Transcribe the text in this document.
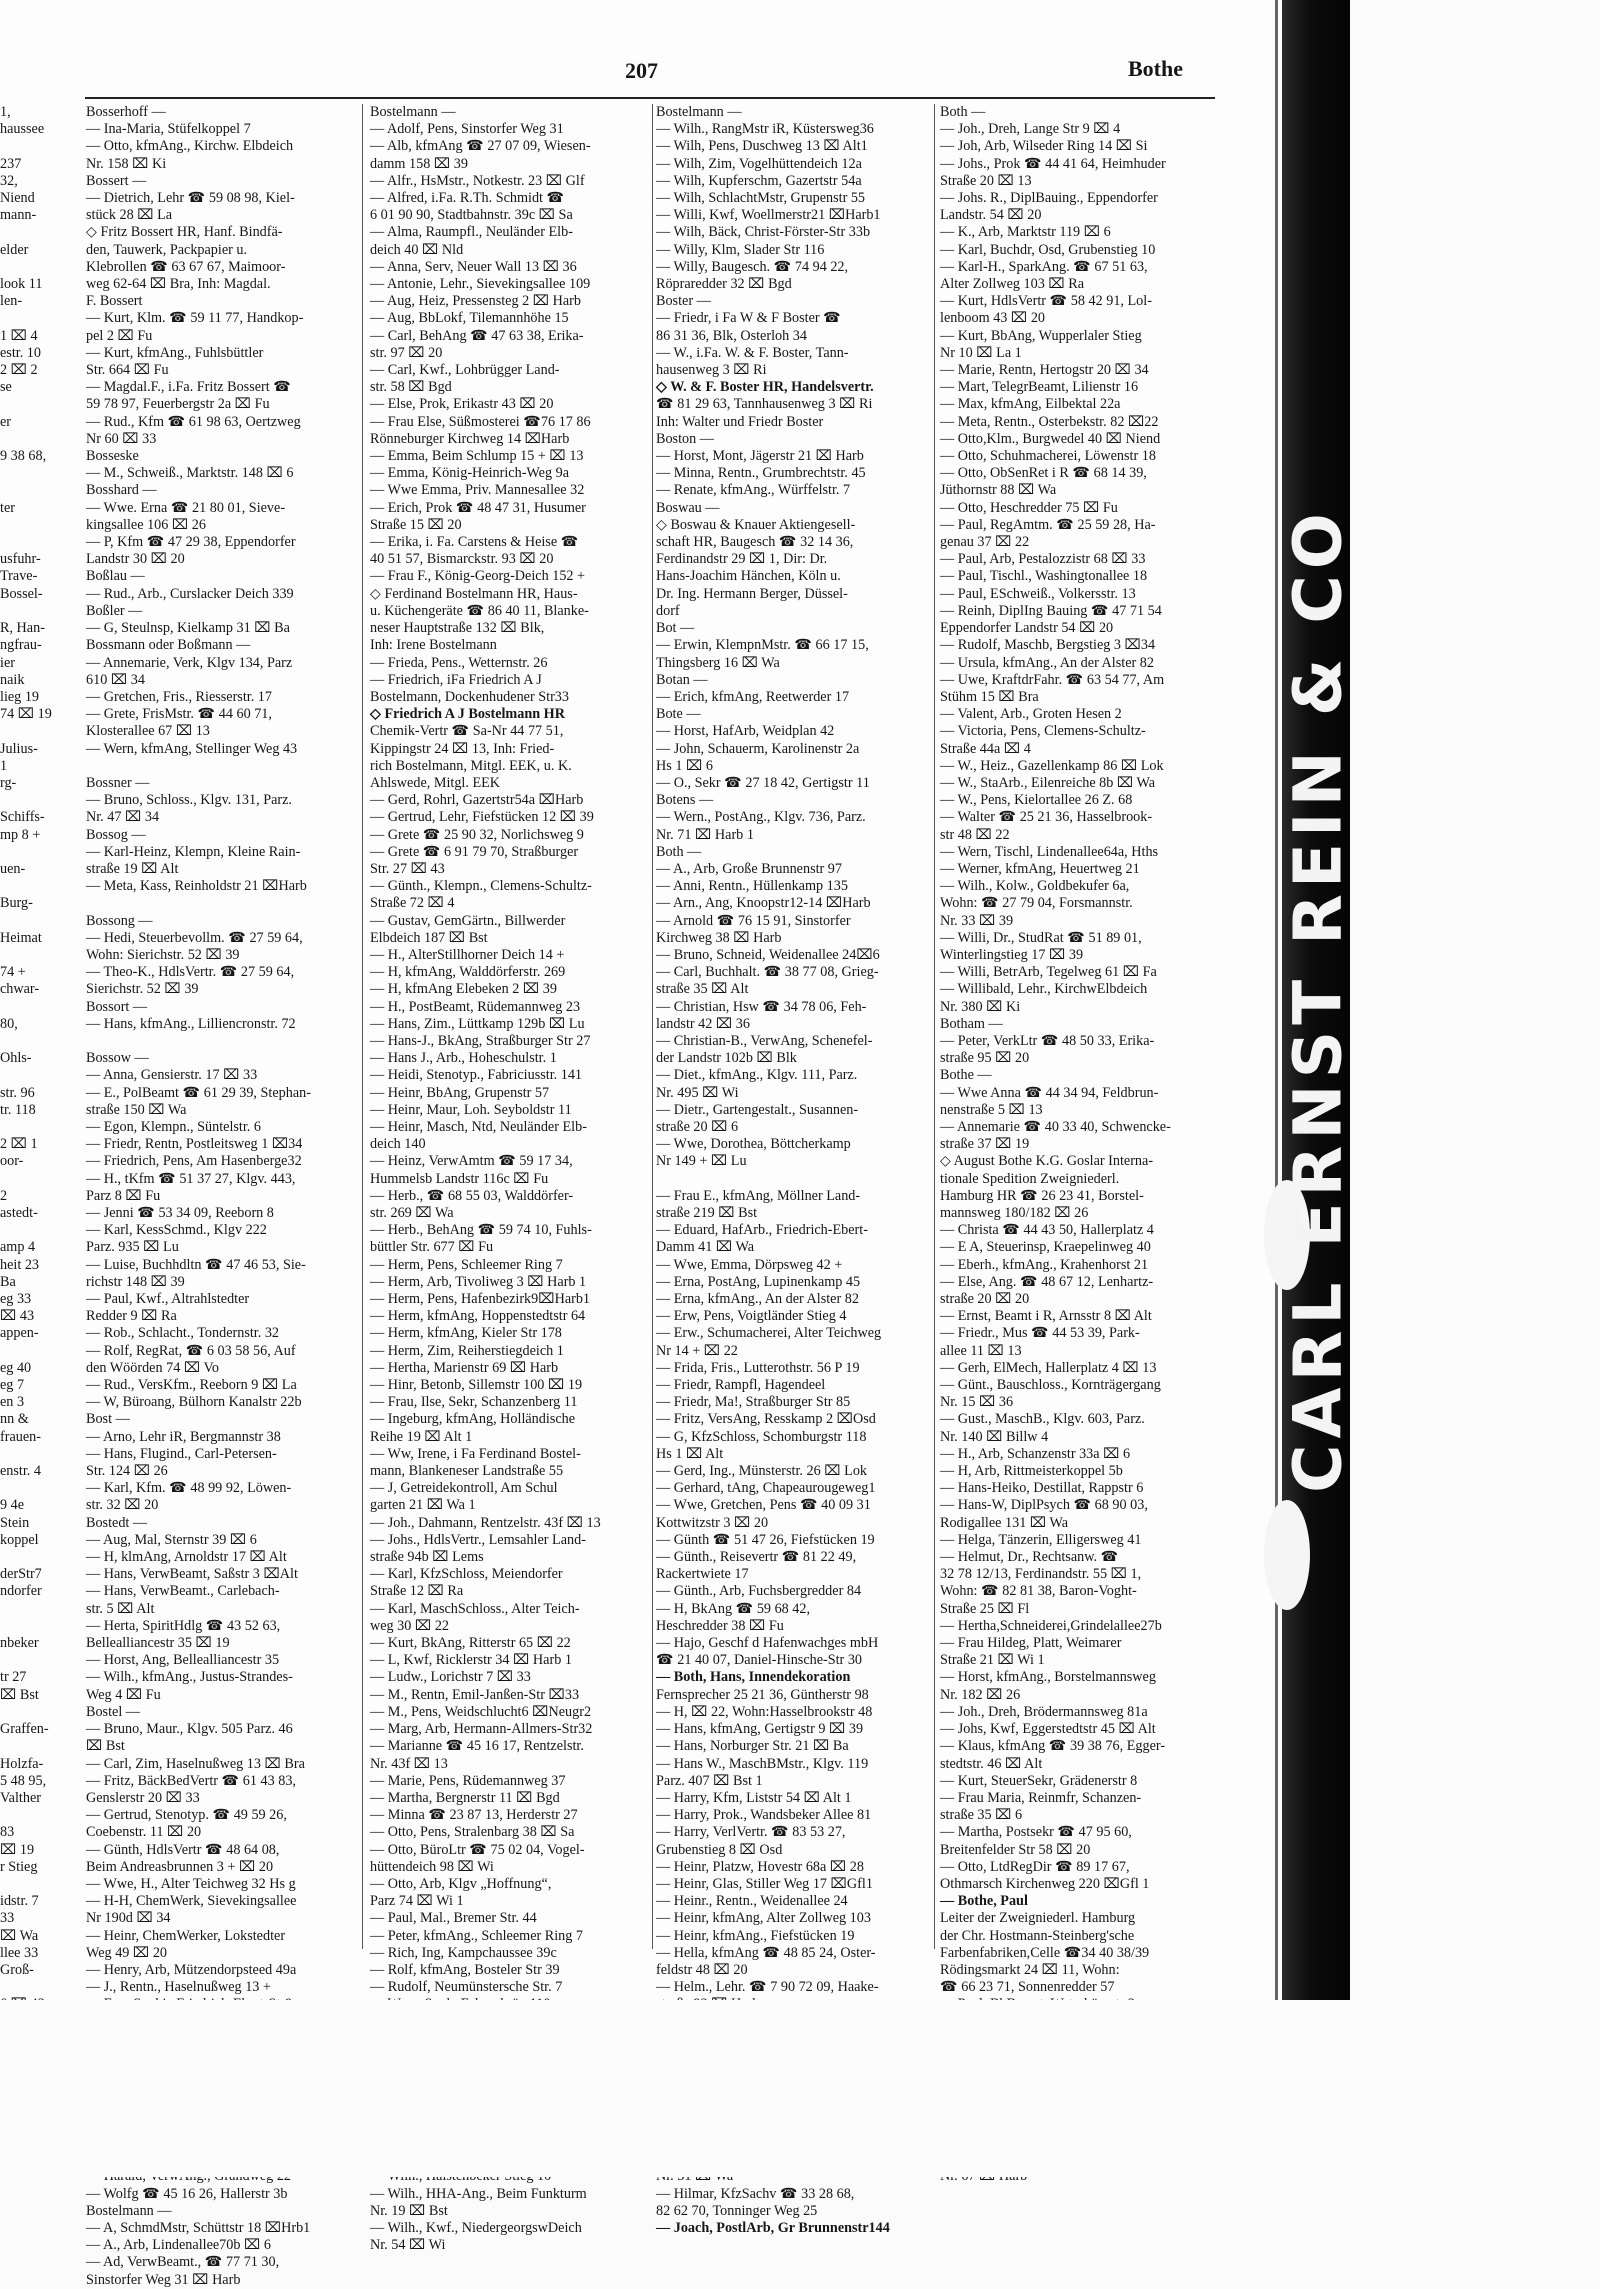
207	Bothe
1,
haussee

237
32,
Niend
mann-

elder

look 11
len-

1 ⌧ 4
estr. 10
2 ⌧ 2
se

er

9 38 68,

ter

usfuhr-
Trave-
Bossel-

R, Han-
ngfrau-
ier
naik
lieg 19
74 ⌧ 19

Julius-
1
rg-

Schiffs-
mp 8 +

uen-

Burg-

Heimat

74 +
chwar-

80,

Ohls-

str. 96
tr. 118

2 ⌧ 1
oor-

2
astedt-

amp 4
heit 23
Ba
eg 33
⌧ 43
appen-

eg 40
eg 7
en 3
nn &
frauen-

enstr. 4

9 4e
Stein
koppel

derStr7
ndorfer

nbeker

tr 27
⌧ Bst

Graffen-

Holzfa-
5 48 95,
Valther

83
⌧ 19
r Stieg

idstr. 7
33
⌧ Wa
llee 33
Groß-

Bosserhoff —
— Ina-Maria, Stüfelkoppel 7
— Otto, kfmAng., Kirchw. Elbdeich
Nr. 158 ⌧ Ki
Bossert —
— Dietrich, Lehr ☎ 59 08 98, Kiel-
stück 28 ⌧ La
◇ Fritz Bossert HR, Hanf. Bindfä-
den, Tauwerk, Packpapier u.
Klebrollen ☎ 63 67 67, Maimoor-
weg 62-64 ⌧ Bra, Inh: Magdal.
F. Bossert
— Kurt, Klm. ☎ 59 11 77, Handkop-
pel 2 ⌧ Fu
— Kurt, kfmAng., Fuhlsbüttler
Str. 664 ⌧ Fu
— Magdal.F., i.Fa. Fritz Bossert ☎
59 78 97, Feuerbergstr 2a ⌧ Fu
— Rud., Kfm ☎ 61 98 63, Oertzweg
Nr 60 ⌧ 33
Bosseske
— M., Schweiß., Marktstr. 148 ⌧ 6
Bosshard —
— Wwe. Erna ☎ 21 80 01, Sieve-
kingsallee 106 ⌧ 26
— P, Kfm ☎ 47 29 38, Eppendorfer
Landstr 30 ⌧ 20
Boßlau —
— Rud., Arb., Curslacker Deich 339
Boßler —
— G, Steulnsp, Kielkamp 31 ⌧ Ba
Bossmann oder Boßmann —
— Annemarie, Verk, Klgv 134, Parz
610 ⌧ 34
— Gretchen, Fris., Riesserstr. 17
— Grete, FrisMstr. ☎ 44 60 71,
Klosterallee 67 ⌧ 13
— Wern, kfmAng, Stellinger Weg 43

Bossner —
— Bruno, Schloss., Klgv. 131, Parz.
Nr. 47 ⌧ 34
Bossog —
— Karl-Heinz, Klempn, Kleine Rain-
straße 19 ⌧ Alt
— Meta, Kass, Reinholdstr 21 ⌧Harb

Bossong —
— Hedi, Steuerbevollm. ☎ 27 59 64,
Wohn: Sierichstr. 52 ⌧ 39
— Theo-K., HdlsVertr. ☎ 27 59 64,
Sierichstr. 52 ⌧ 39
Bossort —
— Hans, kfmAng., Lilliencronstr. 72

Bossow —
— Anna, Gensierstr. 17 ⌧ 33
— E., PolBeamt ☎ 61 29 39, Stephan-
straße 150 ⌧ Wa
— Egon, Klempn., Süntelstr. 6
— Friedr, Rentn, Postleitsweg 1 ⌧34
— Friedrich, Pens, Am Hasenberge32
— H., tKfm ☎ 51 37 27, Klgv. 443,
Parz 8 ⌧ Fu
— Jenni ☎ 53 34 09, Reeborn 8
— Karl, KessSchmd., Klgv 222
Parz. 935 ⌧ Lu
— Luise, Buchhdltn ☎ 47 46 53, Sie-
richstr 148 ⌧ 39
— Paul, Kwf., Altrahlstedter
Redder 9 ⌧ Ra
— Rob., Schlacht., Tondernstr. 32
— Rolf, RegRat, ☎ 6 03 58 56, Auf
den Wöörden 74 ⌧ Vo
— Rud., VersKfm., Reeborn 9 ⌧ La
— W, Büroang, Bülhorn Kanalstr 22b
Bost —
— Arno, Lehr iR, Bergmannstr 38
— Hans, Flugind., Carl-Petersen-
Str. 124 ⌧ 26
— Karl, Kfm. ☎ 48 99 92, Löwen-
str. 32 ⌧ 20
Bostedt —
— Aug, Mal, Sternstr 39 ⌧ 6
— H, klmAng, Arnoldstr 17 ⌧ Alt
— Hans, VerwBeamt, Saßstr 3 ⌧Alt
— Hans, VerwBeamt., Carlebach-
str. 5 ⌧ Alt
— Herta, SpiritHdlg ☎ 43 52 63,
Bellealliancestr 35 ⌧ 19
— Horst, Ang, Bellealliancestr 35
— Wilh., kfmAng., Justus-Strandes-
Weg 4 ⌧ Fu
Bostel —
— Bruno, Maur., Klgv. 505 Parz. 46
⌧ Bst
— Carl, Zim, Haselnußweg 13 ⌧ Bra
— Fritz, BäckBedVertr ☎ 61 43 83,
Genslerstr 20 ⌧ 33
— Gertrud, Stenotyp. ☎ 49 59 26,
Coebenstr. 11 ⌧ 20
— Günth, HdlsVertr ☎ 48 64 08,
Beim Andreasbrunnen 3 + ⌧ 20
— Wwe, H., Alter Teichweg 32 Hs g
— H-H, ChemWerk, Sievekingsallee
Nr 190d ⌧ 34
— Heinr, ChemWerker, Lokstedter
Weg 49 ⌧ 20
— Henry, Arb, Mützendorpsteed 49a
— J., Rentn., Haselnußweg 13 +
— Wolfg ☎ 45 16 26, Hallerstr 3b
Bostelmann —
— A, SchmdMstr, Schüttstr 18 ⌧Hrb1
— A., Arb, Lindenallee70b ⌧ 6
— Ad, VerwBeamt., ☎ 77 71 30,
Sinstorfer Weg 31 ⌧ Harb
Bostelmann —
— Adolf, Pens, Sinstorfer Weg 31
— Alb, kfmAng ☎ 27 07 09, Wiesen-
damm 158 ⌧ 39
— Alfr., HsMstr., Notkestr. 23 ⌧ Glf
— Alfred, i.Fa. R.Th. Schmidt ☎
6 01 90 90, Stadtbahnstr. 39c ⌧ Sa
— Alma, Raumpfl., Neuländer Elb-
deich 40 ⌧ Nld
— Anna, Serv, Neuer Wall 13 ⌧ 36
— Antonie, Lehr., Sievekingsallee 109
— Aug, Heiz, Pressensteg 2 ⌧ Harb
— Aug, BbLokf, Tilemannhöhe 15
— Carl, BehAng ☎ 47 63 38, Erika-
str. 97 ⌧ 20
— Carl, Kwf., Lohbrügger Land-
str. 58 ⌧ Bgd
— Else, Prok, Erikastr 43 ⌧ 20
— Frau Else, Süßmosterei ☎76 17 86
Rönneburger Kirchweg 14 ⌧Harb
— Emma, Beim Schlump 15 + ⌧ 13
— Emma, König-Heinrich-Weg 9a
— Wwe Emma, Priv. Mannesallee 32
— Erich, Prok ☎ 48 47 31, Husumer
Straße 15 ⌧ 20
— Erika, i. Fa. Carstens & Heise ☎
40 51 57, Bismarckstr. 93 ⌧ 20
— Frau F., König-Georg-Deich 152 +
◇ Ferdinand Bostelmann HR, Haus-
u. Küchengeräte ☎ 86 40 11, Blanke-
neser Hauptstraße 132 ⌧ Blk,
Inh: Irene Bostelmann
— Frieda, Pens., Wetternstr. 26
— Friedrich, iFa Friedrich A J
Bostelmann, Dockenhudener Str33
◇ Friedrich A J Bostelmann HR
Chemik-Vertr ☎ Sa-Nr 44 77 51,
Kippingstr 24 ⌧ 13, Inh: Fried-
rich Bostelmann, Mitgl. EEK, u. K.
Ahlswede, Mitgl. EEK
— Gerd, Rohrl, Gazertstr54a ⌧Harb
— Gertrud, Lehr, Fiefstücken 12 ⌧ 39
— Grete ☎ 25 90 32, Norlichsweg 9
— Grete ☎ 6 91 79 70, Straßburger
Str. 27 ⌧ 43
— Günth., Klempn., Clemens-Schultz-
Straße 72 ⌧ 4
— Gustav, GemGärtn., Billwerder
Elbdeich 187 ⌧ Bst
— H., AlterStillhorner Deich 14 +
— H, kfmAng, Walddörferstr. 269
— H, kfmAng Elebeken 2 ⌧ 39
— H., PostBeamt, Rüdemannweg 23
— Hans, Zim., Lüttkamp 129b ⌧ Lu
— Hans-J., BkAng, Straßburger Str 27
— Hans J., Arb., Hoheschulstr. 1
— Heidi, Stenotyp., Fabriciusstr. 141
— Heinr, BbAng, Grupenstr 57
— Heinr, Maur, Loh. Seyboldstr 11
— Heinr, Masch, Ntd, Neuländer Elb-
deich 140
— Heinz, VerwAmtm ☎ 59 17 34,
Hummelsb Landstr 116c ⌧ Fu
— Herb., ☎ 68 55 03, Walddörfer-
str. 269 ⌧ Wa
— Herb., BehAng ☎ 59 74 10, Fuhls-
büttler Str. 677 ⌧ Fu
— Herm, Pens, Schleemer Ring 7
— Herm, Arb, Tivoliweg 3 ⌧ Harb 1
— Herm, Pens, Hafenbezirk9⌧Harb1
— Herm, kfmAng, Hoppenstedtstr 64
— Herm, kfmAng, Kieler Str 178
— Herm, Zim, Reiherstiegdeich 1
— Hertha, Marienstr 69 ⌧ Harb
— Hinr, Betonb, Sillemstr 100 ⌧ 19
— Frau, Ilse, Sekr, Schanzenberg 11
— Ingeburg, kfmAng, Holländische
Reihe 19 ⌧ Alt 1
— Ww, Irene, i Fa Ferdinand Bostel-
mann, Blankeneser Landstraße 55
— J, Getreidekontroll, Am Schul
garten 21 ⌧ Wa 1
— Joh., Dahmann, Rentzelstr. 43f ⌧ 13
— Johs., HdlsVertr., Lemsahler Land-
straße 94b ⌧ Lems
— Karl, KfzSchloss, Meiendorfer
Straße 12 ⌧ Ra
— Karl, MaschSchloss., Alter Teich-
weg 30 ⌧ 22
— Kurt, BkAng, Ritterstr 65 ⌧ 22
— L, Kwf, Ricklerstr 34 ⌧ Harb 1
— Ludw., Lorichstr 7 ⌧ 33
— M., Rentn, Emil-Janßen-Str ⌧33
— M., Pens, Weidschlucht6 ⌧Neugr2
— Marg, Arb, Hermann-Allmers-Str32
— Marianne ☎ 45 16 17, Rentzelstr.
Nr. 43f ⌧ 13
— Marie, Pens, Rüdemannweg 37
— Martha, Bergnerstr 11 ⌧ Bgd
— Minna ☎ 23 87 13, Herderstr 27
— Otto, Pens, Stralenbarg 38 ⌧ Sa
— Otto, BüroLtr ☎ 75 02 04, Vogel-
hüttendeich 98 ⌧ Wi
— Otto, Arb, Klgv „Hoffnung“,
Parz 74 ⌧ Wi 1
— Paul, Mal., Bremer Str. 44
— Peter, kfmAng., Schleemer Ring 7
— Rich, Ing, Kampchaussee 39c
— Rolf, kfmAng, Bosteler Str 39
— Rudolf, Neumünstersche Str. 7
— Wilh., HHA-Ang., Beim Funkturm
Nr. 19 ⌧ Bst
— Wilh., Kwf., NiedergeorgswDeich
Nr. 54 ⌧ Wi
Bostelmann —
— Wilh., RangMstr iR, Küstersweg36
— Wilh, Pens, Duschweg 13 ⌧ Alt1
— Wilh, Zim, Vogelhüttendeich 12a
— Wilh, Kupferschm, Gazertstr 54a
— Wilh, SchlachtMstr, Grupenstr 55
— Willi, Kwf, Woellmerstr21 ⌧Harb1
— Wilh, Bäck, Christ-Förster-Str 33b
— Willy, Klm, Slader Str 116
— Willy, Baugesch. ☎ 74 94 22,
Röpraredder 32 ⌧ Bgd
Boster —
— Friedr, i Fa W & F Boster ☎
86 31 36, Blk, Osterloh 34
— W., i.Fa. W. & F. Boster, Tann-
hausenweg 3 ⌧ Ri
◇ W. & F. Boster HR, Handelsvertr.
☎ 81 29 63, Tannhausenweg 3 ⌧ Ri
Inh: Walter und Friedr Boster
Boston —
— Horst, Mont, Jägerstr 21 ⌧ Harb
— Minna, Rentn., Grumbrechtstr. 45
— Renate, kfmAng., Würffelstr. 7
Boswau —
◇ Boswau & Knauer Aktiengesell-
schaft HR, Baugesch ☎ 32 14 36,
Ferdinandstr 29 ⌧ 1, Dir: Dr.
Hans-Joachim Hänchen, Köln u.
Dr. Ing. Hermann Berger, Düssel-
dorf
Bot —
— Erwin, KlempnMstr. ☎ 66 17 15,
Thingsberg 16 ⌧ Wa
Botan —
— Erich, kfmAng, Reetwerder 17
Bote —
— Horst, HafArb, Weidplan 42
— John, Schauerm, Karolinenstr 2a
Hs 1 ⌧ 6
— O., Sekr ☎ 27 18 42, Gertigstr 11
Botens —
— Wern., PostAng., Klgv. 736, Parz.
Nr. 71 ⌧ Harb 1
Both —
— A., Arb, Große Brunnenstr 97
— Anni, Rentn., Hüllenkamp 135
— Arn., Ang, Knoopstr12-14 ⌧Harb
— Arnold ☎ 76 15 91, Sinstorfer
Kirchweg 38 ⌧ Harb
— Bruno, Schneid, Weidenallee 24⌧6
— Carl, Buchhalt. ☎ 38 77 08, Grieg-
straße 35 ⌧ Alt
— Christian, Hsw ☎ 34 78 06, Feh-
landstr 42 ⌧ 36
— Christian-B., VerwAng, Schenefel-
der Landstr 102b ⌧ Blk
— Diet., kfmAng., Klgv. 111, Parz.
Nr. 495 ⌧ Wi
— Dietr., Gartengestalt., Susannen-
straße 20 ⌧ 6
— Wwe, Dorothea, Böttcherkamp
Nr 149 + ⌧ Lu

— Frau E., kfmAng, Möllner Land-
straße 219 ⌧ Bst
— Eduard, HafArb., Friedrich-Ebert-
Damm 41 ⌧ Wa
— Wwe, Emma, Dörpsweg 42 +
— Erna, PostAng, Lupinenkamp 45
— Erna, kfmAng., An der Alster 82
— Erw, Pens, Voigtländer Stieg 4
— Erw., Schumacherei, Alter Teichweg
Nr 14 + ⌧ 22
— Frida, Fris., Lutterothstr. 56 P 19
— Friedr, Rampfl, Hagendeel
— Friedr, Ma!, Straßburger Str 85
— Fritz, VersAng, Resskamp 2 ⌧Osd
— G, KfzSchloss, Schomburgstr 118
Hs 1 ⌧ Alt
— Gerd, Ing., Münsterstr. 26 ⌧ Lok
— Gerhard, tAng, Chapeaurougeweg1
— Wwe, Gretchen, Pens ☎ 40 09 31
Kottwitzstr 3 ⌧ 20
— Günth ☎ 51 47 26, Fiefstücken 19
— Günth., Reisevertr ☎ 81 22 49,
Rackertwiete 17
— Günth., Arb, Fuchsbergredder 84
— H, BkAng ☎ 59 68 42,
Heschredder 38 ⌧ Fu
— Hajo, Geschf d Hafenwachges mbH
☎ 21 40 07, Daniel-Hinsche-Str 30
— Both, Hans, Innendekoration
Fernsprecher 25 21 36, Güntherstr 98
— H, ⌧ 22, Wohn:Hasselbrookstr 48
— Hans, kfmAng, Gertigstr 9 ⌧ 39
— Hans, Norburger Str. 21 ⌧ Ba
— Hans W., MaschBMstr., Klgv. 119
Parz. 407 ⌧ Bst 1
— Harry, Kfm, Liststr 54 ⌧ Alt 1
— Harry, Prok., Wandsbeker Allee 81
— Harry, VerlVertr. ☎ 83 53 27,
Grubenstieg 8 ⌧ Osd
— Heinr, Platzw, Hovestr 68a ⌧ 28
— Heinr, Glas, Stiller Weg 17 ⌧Gfl1
— Heinr., Rentn., Weidenallee 24
— Heinr, kfmAng, Alter Zollweg 103
— Heinr, kfmAng., Fiefstücken 19
— Hella, kfmAng ☎ 48 85 24, Oster-
feldstr 48 ⌧ 20
— Helm., Lehr. ☎ 7 90 72 09, Haake-
— Hilmar, KfzSachv ☎ 33 28 68,
82 62 70, Tonninger Weg 25
— Joach, PostlArb, Gr Brunnenstr144
Both —
— Joh., Dreh, Lange Str 9 ⌧ 4
— Joh, Arb, Wilseder Ring 14 ⌧ Si
— Johs., Prok ☎ 44 41 64, Heimhuder
Straße 20 ⌧ 13
— Johs. R., DiplBauing., Eppendorfer
Landstr. 54 ⌧ 20
— K., Arb, Marktstr 119 ⌧ 6
— Karl, Buchdr, Osd, Grubenstieg 10
— Karl-H., SparkAng. ☎ 67 51 63,
Alter Zollweg 103 ⌧ Ra
— Kurt, HdlsVertr ☎ 58 42 91, Lol-
lenboom 43 ⌧ 20
— Kurt, BbAng, Wupperlaler Stieg
Nr 10 ⌧ La 1
— Marie, Rentn, Hertogstr 20 ⌧ 34
— Mart, TelegrBeamt, Lilienstr 16
— Max, kfmAng, Eilbektal 22a
— Meta, Rentn., Osterbekstr. 82 ⌧22
— Otto,Klm., Burgwedel 40 ⌧ Niend
— Otto, Schuhmacherei, Löwenstr 18
— Otto, ObSenRet i R ☎ 68 14 39,
Jüthornstr 88 ⌧ Wa
— Otto, Heschredder 75 ⌧ Fu
— Paul, RegAmtm. ☎ 25 59 28, Ha-
genau 37 ⌧ 22
— Paul, Arb, Pestalozzistr 68 ⌧ 33
— Paul, Tischl., Washingtonallee 18
— Paul, ESchweiß., Volkersstr. 13
— Reinh, DiplIng Bauing ☎ 47 71 54
Eppendorfer Landstr 54 ⌧ 20
— Rudolf, Maschb, Bergstieg 3 ⌧34
— Ursula, kfmAng., An der Alster 82
— Uwe, KraftdrFahr. ☎ 63 54 77, Am
Stühm 15 ⌧ Bra
— Valent, Arb., Groten Hesen 2
— Victoria, Pens, Clemens-Schultz-
Straße 44a ⌧ 4
— W., Heiz., Gazellenkamp 86 ⌧ Lok
— W., StaArb., Eilenreiche 8b ⌧ Wa
— W., Pens, Kielortallee 26 Z. 68
— Walter ☎ 25 21 36, Hasselbrook-
str 48 ⌧ 22
— Wern, Tischl, Lindenallee64a, Hths
— Werner, kfmAng, Heuertweg 21
— Wilh., Kolw., Goldbekufer 6a,
Wohn: ☎ 27 79 04, Forsmannstr.
Nr. 33 ⌧ 39
— Willi, Dr., StudRat ☎ 51 89 01,
Winterlingstieg 17 ⌧ 39
— Willi, BetrArb, Tegelweg 61 ⌧ Fa
— Willibald, Lehr., KirchwElbdeich
Nr. 380 ⌧ Ki
Botham —
— Peter, VerkLtr ☎ 48 50 33, Erika-
straße 95 ⌧ 20
Bothe —
— Wwe Anna ☎ 44 34 94, Feldbrun-
nenstraße 5 ⌧ 13
— Annemarie ☎ 40 33 40, Schwencke-
straße 37 ⌧ 19
◇ August Bothe K.G. Goslar Interna-
tionale Spedition Zweigniederl.
Hamburg HR ☎ 26 23 41, Borstel-
mannsweg 180/182 ⌧ 26
— Christa ☎ 44 43 50, Hallerplatz 4
— E A, Steuerinsp, Kraepelinweg 40
— Eberh., kfmAng., Krahenhorst 21
— Else, Ang. ☎ 48 67 12, Lenhartz-
straße 20 ⌧ 20
— Ernst, Beamt i R, Arnsstr 8 ⌧ Alt
— Friedr., Mus ☎ 44 53 39, Park-
allee 11 ⌧ 13
— Gerh, ElMech, Hallerplatz 4 ⌧ 13
— Günt., Bauschloss., Kornträgergang
Nr. 15 ⌧ 36
— Gust., MaschB., Klgv. 603, Parz.
Nr. 140 ⌧ Billw 4
— H., Arb, Schanzenstr 33a ⌧ 6
— H, Arb, Rittmeisterkoppel 5b
— Hans-Heiko, Destillat, Rappstr 6
— Hans-W, DiplPsych ☎ 68 90 03,
Rodigallee 131 ⌧ Wa
— Helga, Tänzerin, Elligersweg 41
— Helmut, Dr., Rechtsanw. ☎
32 78 12/13, Ferdinandstr. 55 ⌧ 1,
Wohn: ☎ 82 81 38, Baron-Voght-
Straße 25 ⌧ Fl
— Hertha,Schneiderei,Grindelallee27b
— Frau Hildeg, Platt, Weimarer
Straße 21 ⌧ Wi 1
— Horst, kfmAng., Borstelmannsweg
Nr. 182 ⌧ 26
— Joh., Dreh, Brödermannsweg 81a
— Johs, Kwf, Eggerstedtstr 45 ⌧ Alt
— Klaus, kfmAng ☎ 39 38 76, Egger-
stedtstr. 46 ⌧ Alt
— Kurt, SteuerSekr, Grädenerstr 8
— Frau Maria, Reinmfr, Schanzen-
straße 35 ⌧ 6
— Martha, Postsekr ☎ 47 95 60,
Breitenfelder Str 58 ⌧ 20
— Otto, LtdRegDir ☎ 89 17 67,
Othmarsch Kirchenweg 220 ⌧Gfl 1
— Bothe, Paul
Leiter der Zweigniederl. Hamburg
der Chr. Hostmann-Steinberg'sche
Farbenfabriken,Celle ☎34 40 38/39
Rödingsmarkt 24 ⌧ 11, Wohn:
☎ 66 23 71, Sonnenredder 57
CARL ERNST REIN & CO
